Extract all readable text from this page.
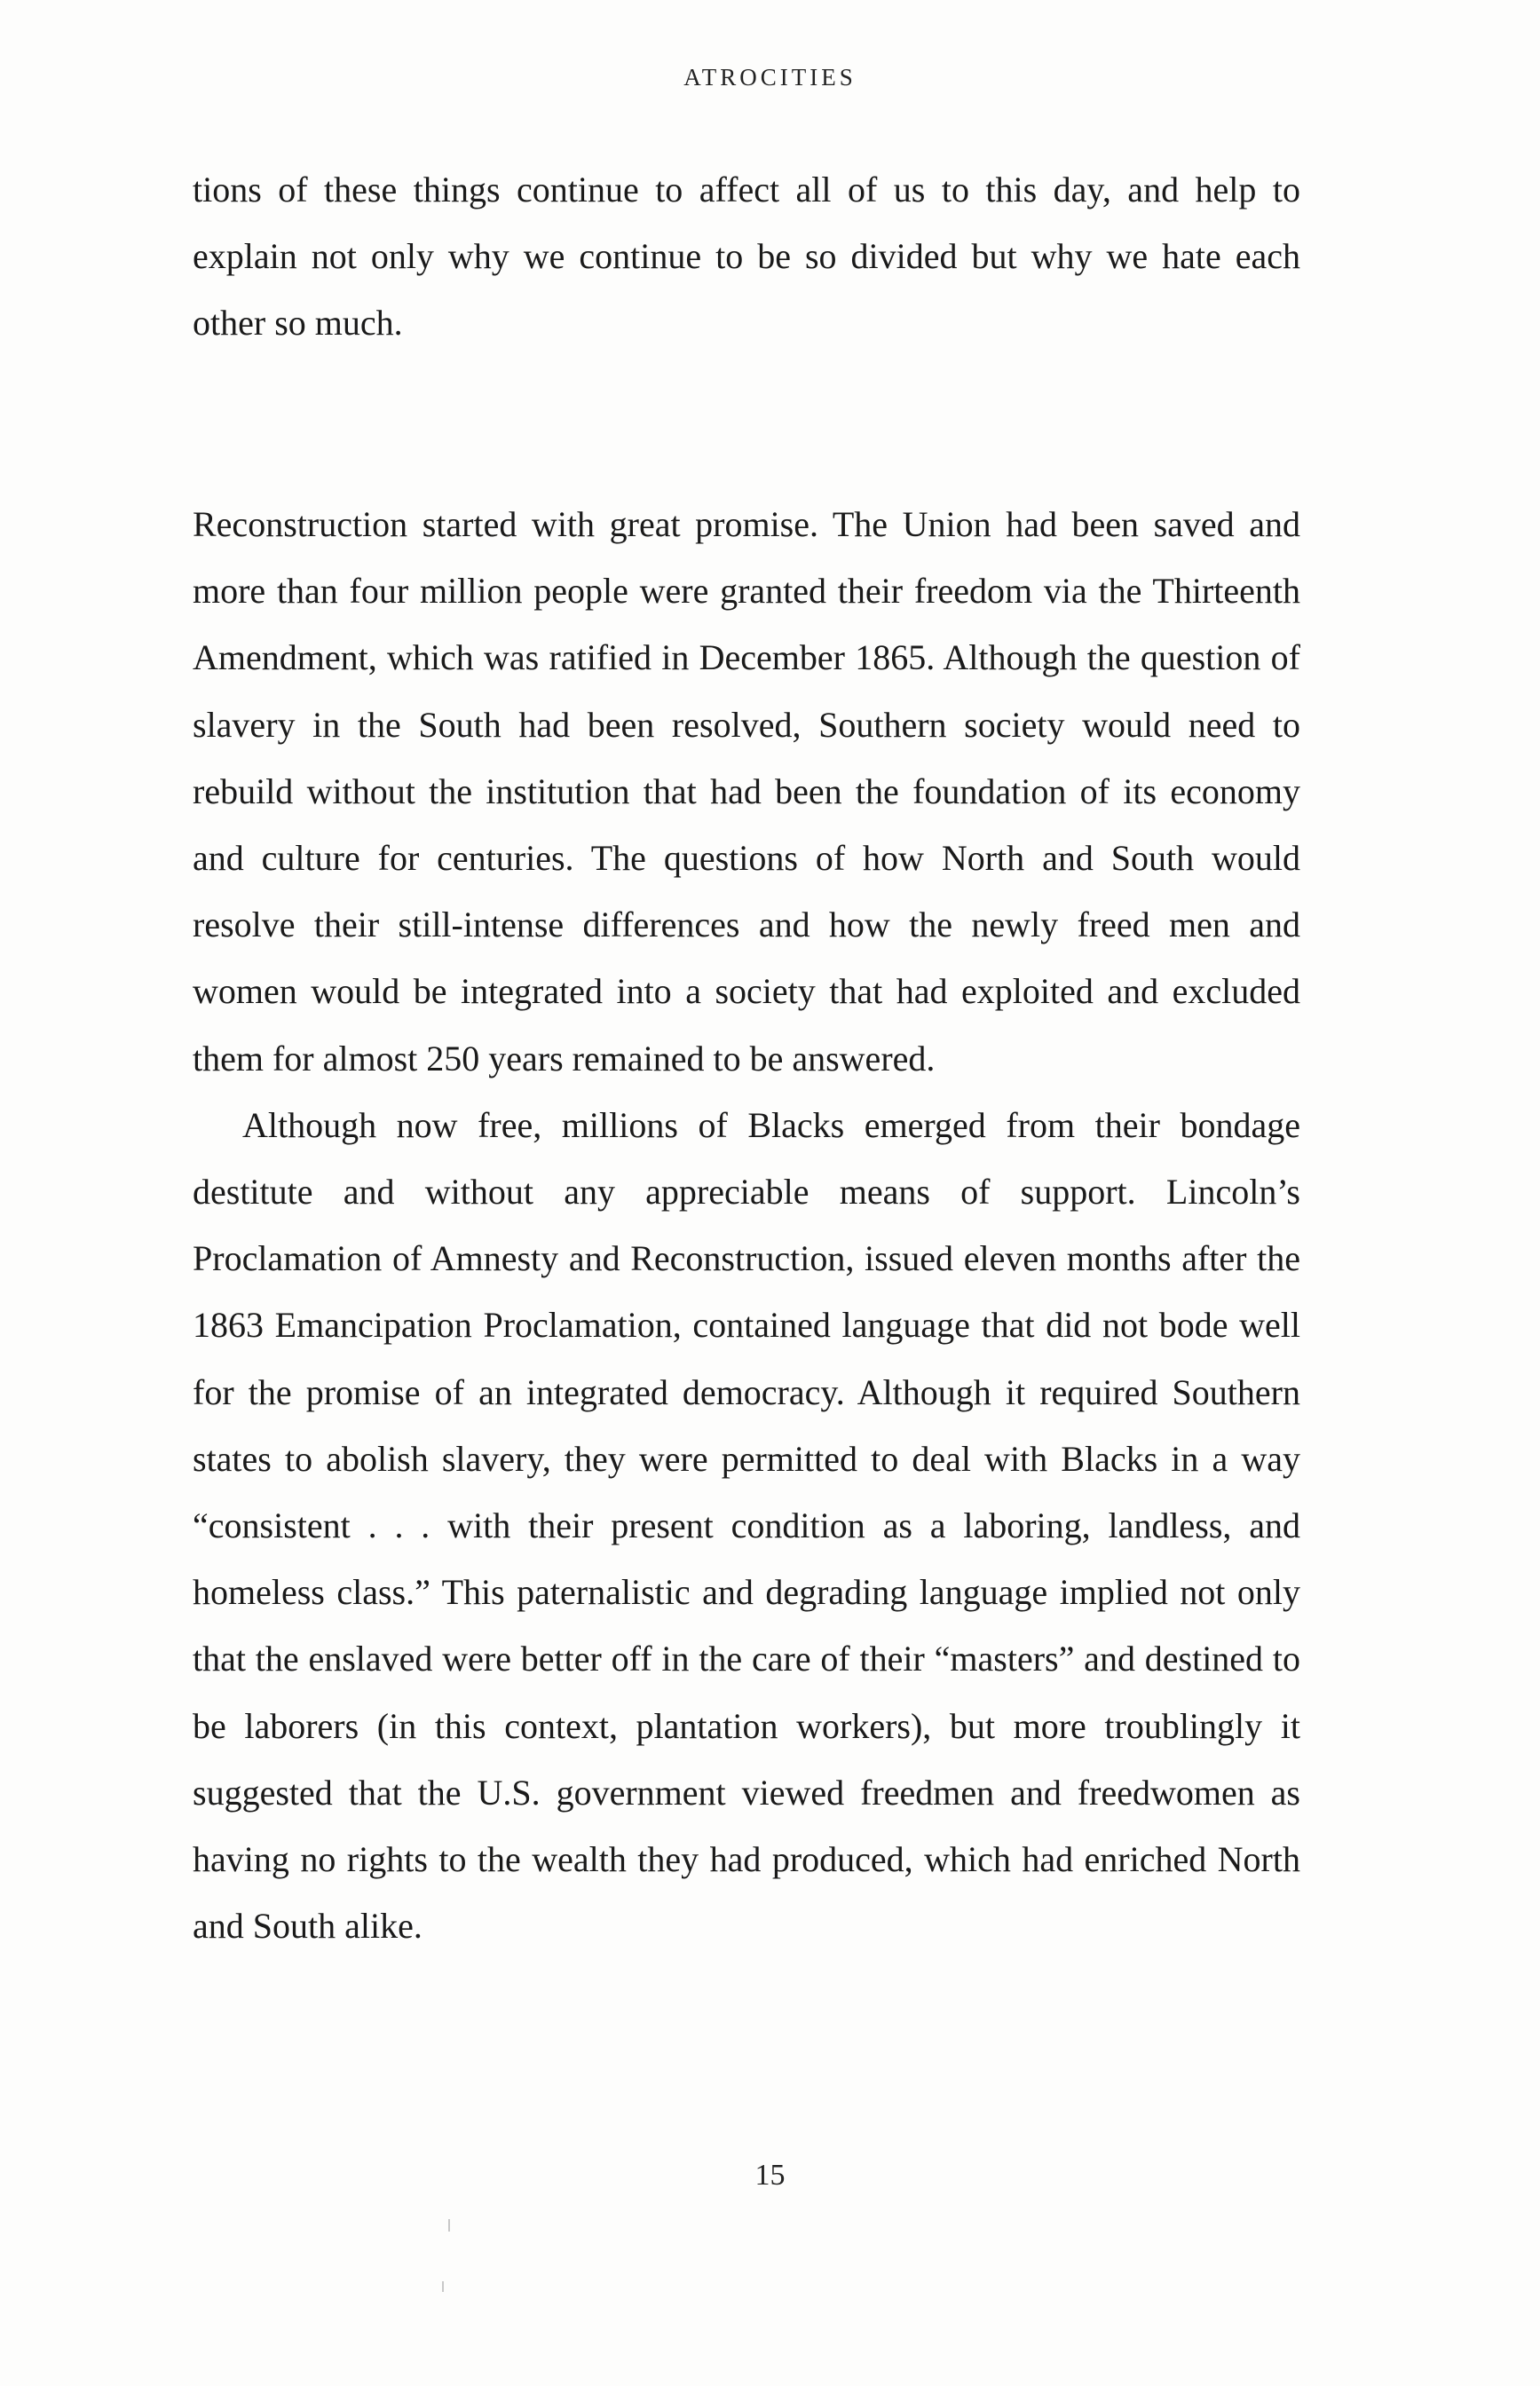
ATROCITIES

tions of these things continue to affect all of us to this day, and help to explain not only why we continue to be so divided but why we hate each other so much.

Reconstruction started with great promise. The Union had been saved and more than four million people were granted their freedom via the Thirteenth Amendment, which was ratified in December 1865. Although the question of slavery in the South had been resolved, Southern society would need to rebuild without the institution that had been the foundation of its economy and culture for centuries. The questions of how North and South would resolve their still-intense differences and how the newly freed men and women would be integrated into a society that had exploited and excluded them for almost 250 years remained to be answered.

Although now free, millions of Blacks emerged from their bondage destitute and without any appreciable means of support. Lincoln’s Proclamation of Amnesty and Reconstruction, issued eleven months after the 1863 Emancipation Proclamation, contained language that did not bode well for the promise of an integrated democracy. Although it required Southern states to abolish slavery, they were permitted to deal with Blacks in a way “consistent . . . with their present condition as a laboring, landless, and homeless class.” This paternalistic and degrading language implied not only that the enslaved were better off in the care of their “masters” and destined to be laborers (in this context, plantation workers), but more troublingly it suggested that the U.S. government viewed freedmen and freedwomen as having no rights to the wealth they had produced, which had enriched North and South alike.

15
